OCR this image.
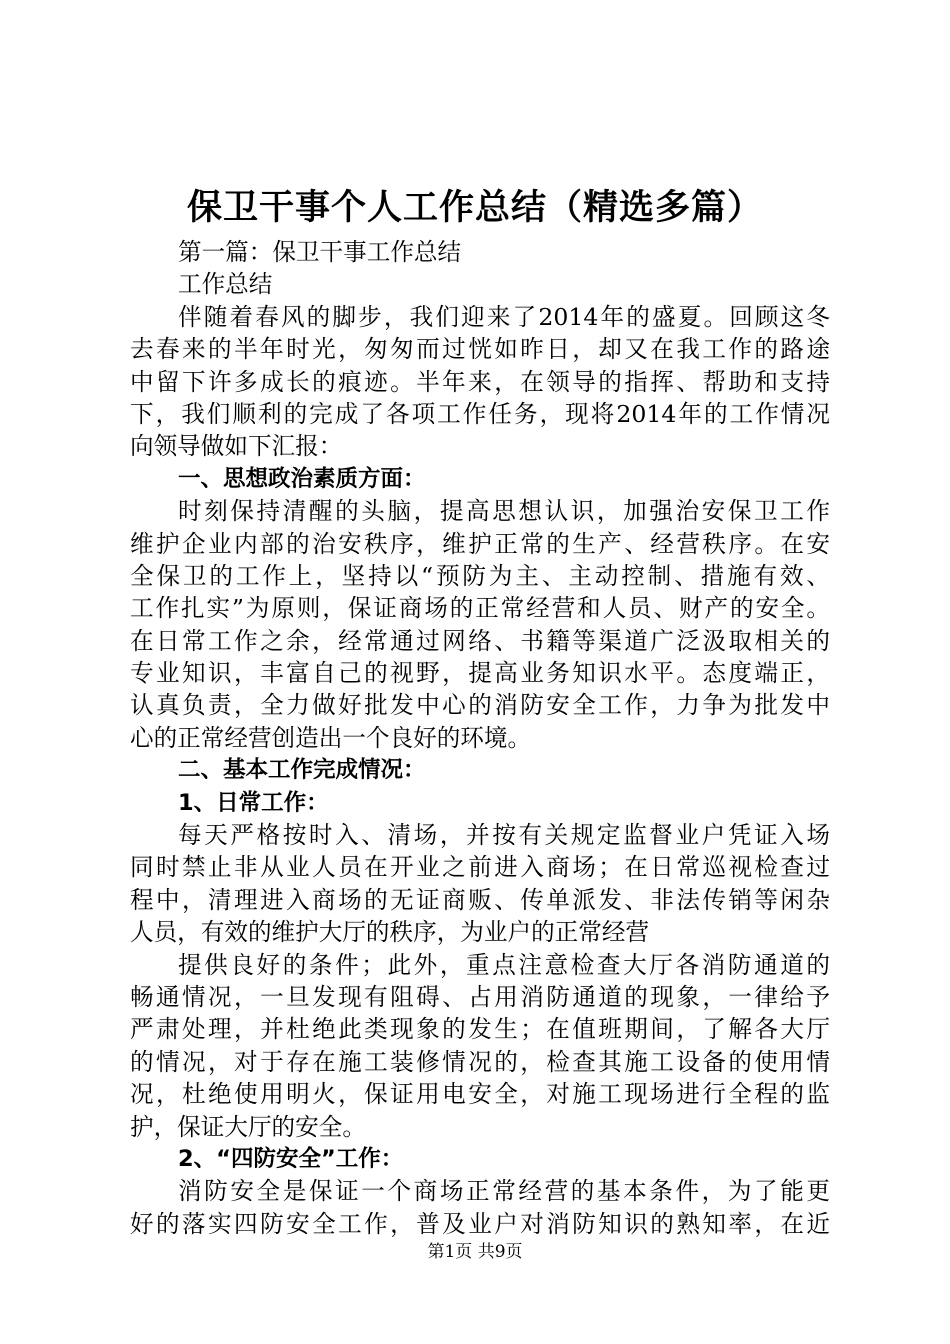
保卫干事个人工作总结（精选多篇）
第一篇：保卫干事工作总结
工作总结
伴随着春风的脚步，我们迎来了2014年的盛夏。回顾这冬
去春来的半年时光，匆匆而过恍如昨日，却又在我工作的路途
中留下许多成长的痕迹。半年来，在领导的指挥、帮助和支持
下，我们顺利的完成了各项工作任务，现将2014年的工作情况
向领导做如下汇报：
一、思想政治素质方面：
时刻保持清醒的头脑，提高思想认识，加强治安保卫工作
维护企业内部的治安秩序，维护正常的生产、经营秩序。在安
全保卫的工作上，坚持以“预防为主、主动控制、措施有效、
工作扎实”为原则，保证商场的正常经营和人员、财产的安全。
在日常工作之余，经常通过网络、书籍等渠道广泛汲取相关的
专业知识，丰富自己的视野，提高业务知识水平。态度端正，
认真负责，全力做好批发中心的消防安全工作，力争为批发中
心的正常经营创造出一个良好的环境。
二、基本工作完成情况：
1、日常工作：
每天严格按时入、清场，并按有关规定监督业户凭证入场
同时禁止非从业人员在开业之前进入商场；在日常巡视检查过
程中，清理进入商场的无证商贩、传单派发、非法传销等闲杂
人员，有效的维护大厅的秩序，为业户的正常经营
提供良好的条件；此外，重点注意检查大厅各消防通道的
畅通情况，一旦发现有阻碍、占用消防通道的现象，一律给予
严肃处理，并杜绝此类现象的发生；在值班期间，了解各大厅
的情况，对于存在施工装修情况的，检查其施工设备的使用情
况，杜绝使用明火，保证用电安全，对施工现场进行全程的监
护，保证大厅的安全。
2、“四防安全”工作：
消防安全是保证一个商场正常经营的基本条件，为了能更
好的落实四防安全工作，普及业户对消防知识的熟知率，在近
第1页 共9页
